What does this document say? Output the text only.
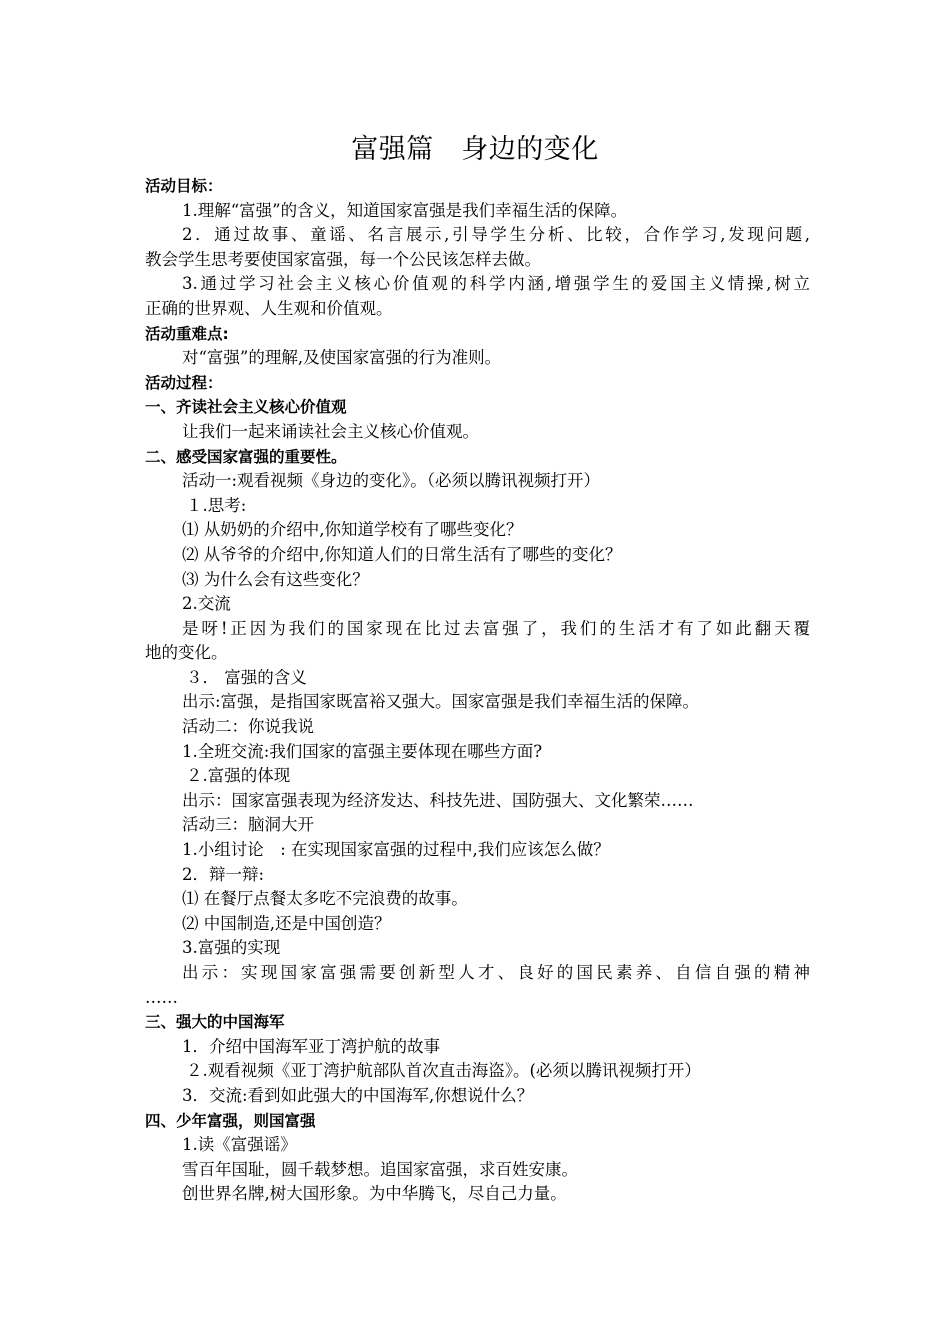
富强篇　身边的变化
活动目标：
1.理解“富强”的含义，知道国家富强是我们幸福生活的保障。
2．通过故事、童谣、名言展示,引导学生分析、比较，合作学习,发现问题,
教会学生思考要使国家富强，每一个公民该怎样去做。
3.通过学习社会主义核心价值观的科学内涵,增强学生的爱国主义情操,树立
正确的世界观、人生观和价值观。
活动重难点:
对“富强”的理解,及使国家富强的行为准则。
活动过程：
一、齐读社会主义核心价值观
让我们一起来诵读社会主义核心价值观。
二、感受国家富强的重要性。
活动一:观看视频《身边的变化》。（必须以腾讯视频打开）
１.思考:
⑴ 从奶奶的介绍中,你知道学校有了哪些变化？
⑵ 从爷爷的介绍中,你知道人们的日常生活有了哪些的变化？
⑶ 为什么会有这些变化？
2.交流
是呀!正因为我们的国家现在比过去富强了，我们的生活才有了如此翻天覆
地的变化。
３． 富强的含义
出示:富强，是指国家既富裕又强大。国家富强是我们幸福生活的保障。
活动二：你说我说
1.全班交流:我们国家的富强主要体现在哪些方面?
２.富强的体现
出示：国家富强表现为经济发达、科技先进、国防强大、文化繁荣……
活动三：脑洞大开
1.小组讨论　: 在实现国家富强的过程中,我们应该怎么做？
2．辩一辩:
⑴ 在餐厅点餐太多吃不完浪费的故事。
⑵ 中国制造,还是中国创造？
3.富强的实现
出示：实现国家富强需要创新型人才、良好的国民素养、自信自强的精神
……
三、强大的中国海军
1．介绍中国海军亚丁湾护航的故事
２.观看视频《亚丁湾护航部队首次直击海盗》。(必须以腾讯视频打开）
3．交流:看到如此强大的中国海军,你想说什么？
四、少年富强，则国富强
1.读《富强谣》
雪百年国耻，圆千载梦想。追国家富强，求百姓安康。
创世界名牌,树大国形象。为中华腾飞，尽自己力量。
